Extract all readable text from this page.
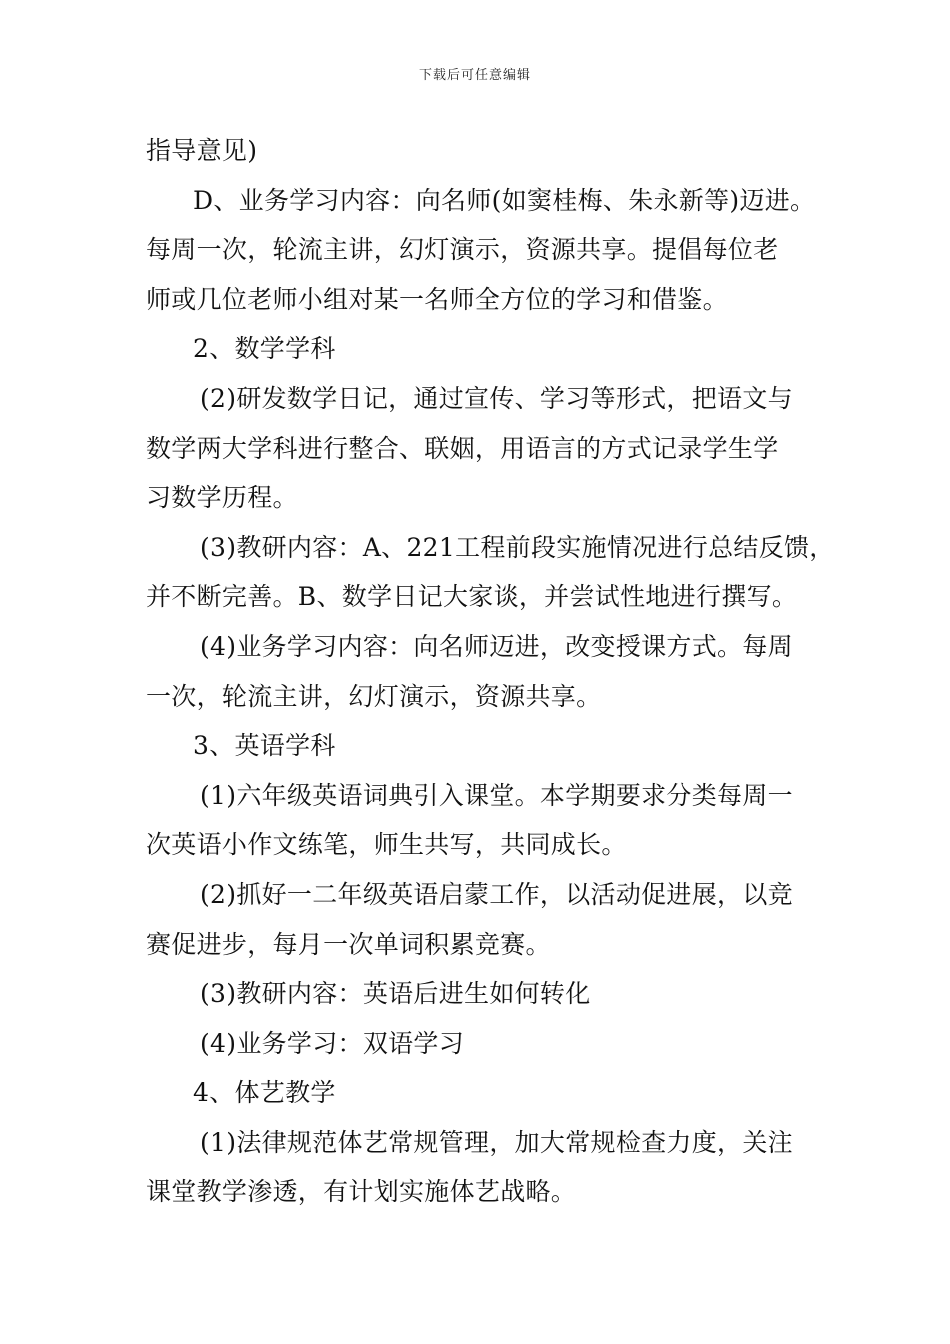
下载后可任意编辑
指导意见)
D、业务学习内容：向名师(如窦桂梅、朱永新等)迈进。
每周一次，轮流主讲，幻灯演示，资源共享。提倡每位老
师或几位老师小组对某一名师全方位的学习和借鉴。
2、数学学科
(2)研发数学日记，通过宣传、学习等形式，把语文与
数学两大学科进行整合、联姻，用语言的方式记录学生学
习数学历程。
(3)教研内容：A、221工程前段实施情况进行总结反馈，
并不断完善。B、数学日记大家谈，并尝试性地进行撰写。
(4)业务学习内容：向名师迈进，改变授课方式。每周
一次，轮流主讲，幻灯演示，资源共享。
3、英语学科
(1)六年级英语词典引入课堂。本学期要求分类每周一
次英语小作文练笔，师生共写，共同成长。
(2)抓好一二年级英语启蒙工作，以活动促进展，以竞
赛促进步，每月一次单词积累竞赛。
(3)教研内容：英语后进生如何转化
(4)业务学习：双语学习
4、体艺教学
(1)法律规范体艺常规管理，加大常规检查力度，关注
课堂教学渗透，有计划实施体艺战略。
